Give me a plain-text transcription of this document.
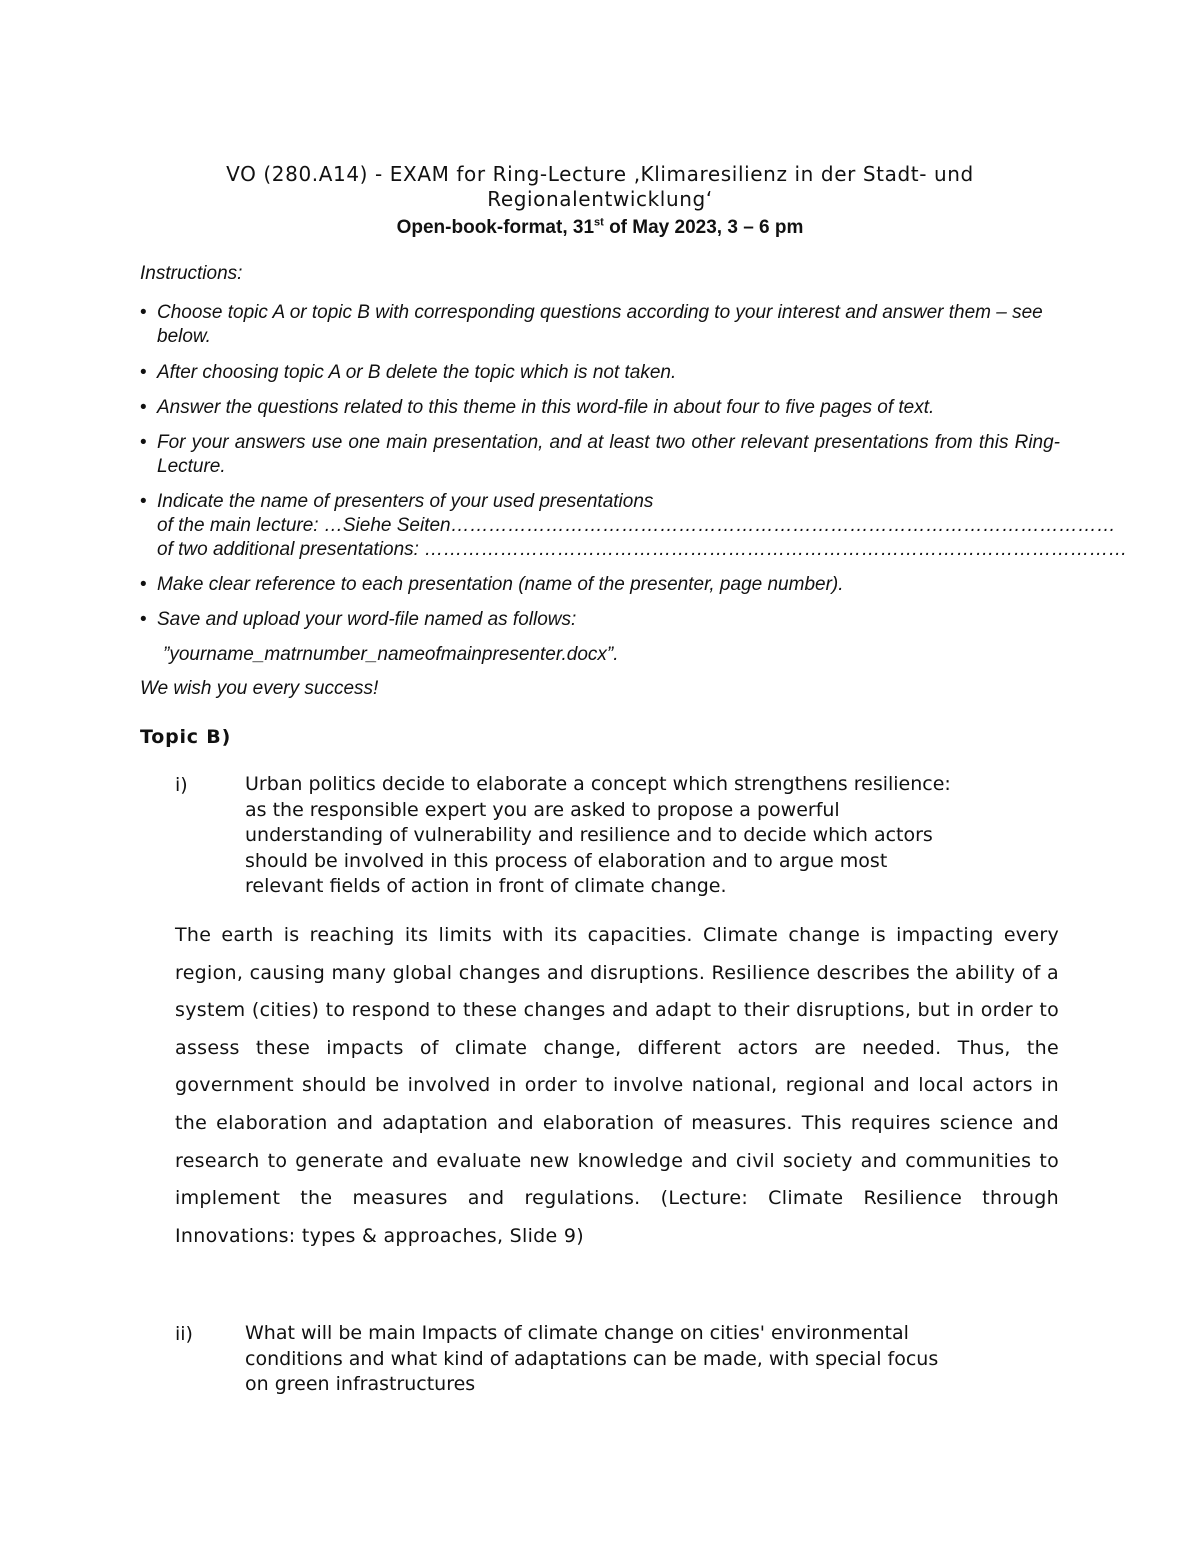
VO (280.A14) - EXAM for Ring-Lecture ‚Klimaresilienz in der Stadt- und Regionalentwicklung‘
Open-book-format, 31st of May 2023, 3 – 6 pm
Instructions:
• Choose topic A or topic B with corresponding questions according to your interest and answer them – see below.
• After choosing topic A or B delete the topic which is not taken.
• Answer the questions related to this theme in this word-file in about four to five pages of text.
• For your answers use one main presentation, and at least two other relevant presentations from this Ring-Lecture.
• Indicate the name of presenters of your used presentations
of the main lecture: …Siehe Seiten……………………………………………………………………………………………
of two additional presentations: …………………………………………………………………………………………………
• Make clear reference to each presentation (name of the presenter, page number).
• Save and upload your word-file named as follows:
”yourname_matrnumber_nameofmainpresenter.docx”.
We wish you every success!
Topic B)
i)	Urban politics decide to elaborate a concept which strengthens resilience:
as the responsible expert you are asked to propose a powerful
understanding of vulnerability and resilience and to decide which actors
should be involved in this process of elaboration and to argue most
relevant fields of action in front of climate change.
The earth is reaching its limits with its capacities. Climate change is impacting every region, causing many global changes and disruptions. Resilience describes the ability of a system (cities) to respond to these changes and adapt to their disruptions, but in order to assess these impacts of climate change, different actors are needed. Thus, the government should be involved in order to involve national, regional and local actors in the elaboration and adaptation and elaboration of measures. This requires science and research to generate and evaluate new knowledge and civil society and communities to implement the measures and regulations. (Lecture: Climate Resilience through Innovations: types & approaches, Slide 9)
ii)	What will be main Impacts of climate change on cities' environmental
conditions and what kind of adaptations can be made, with special focus
on green infrastructures
